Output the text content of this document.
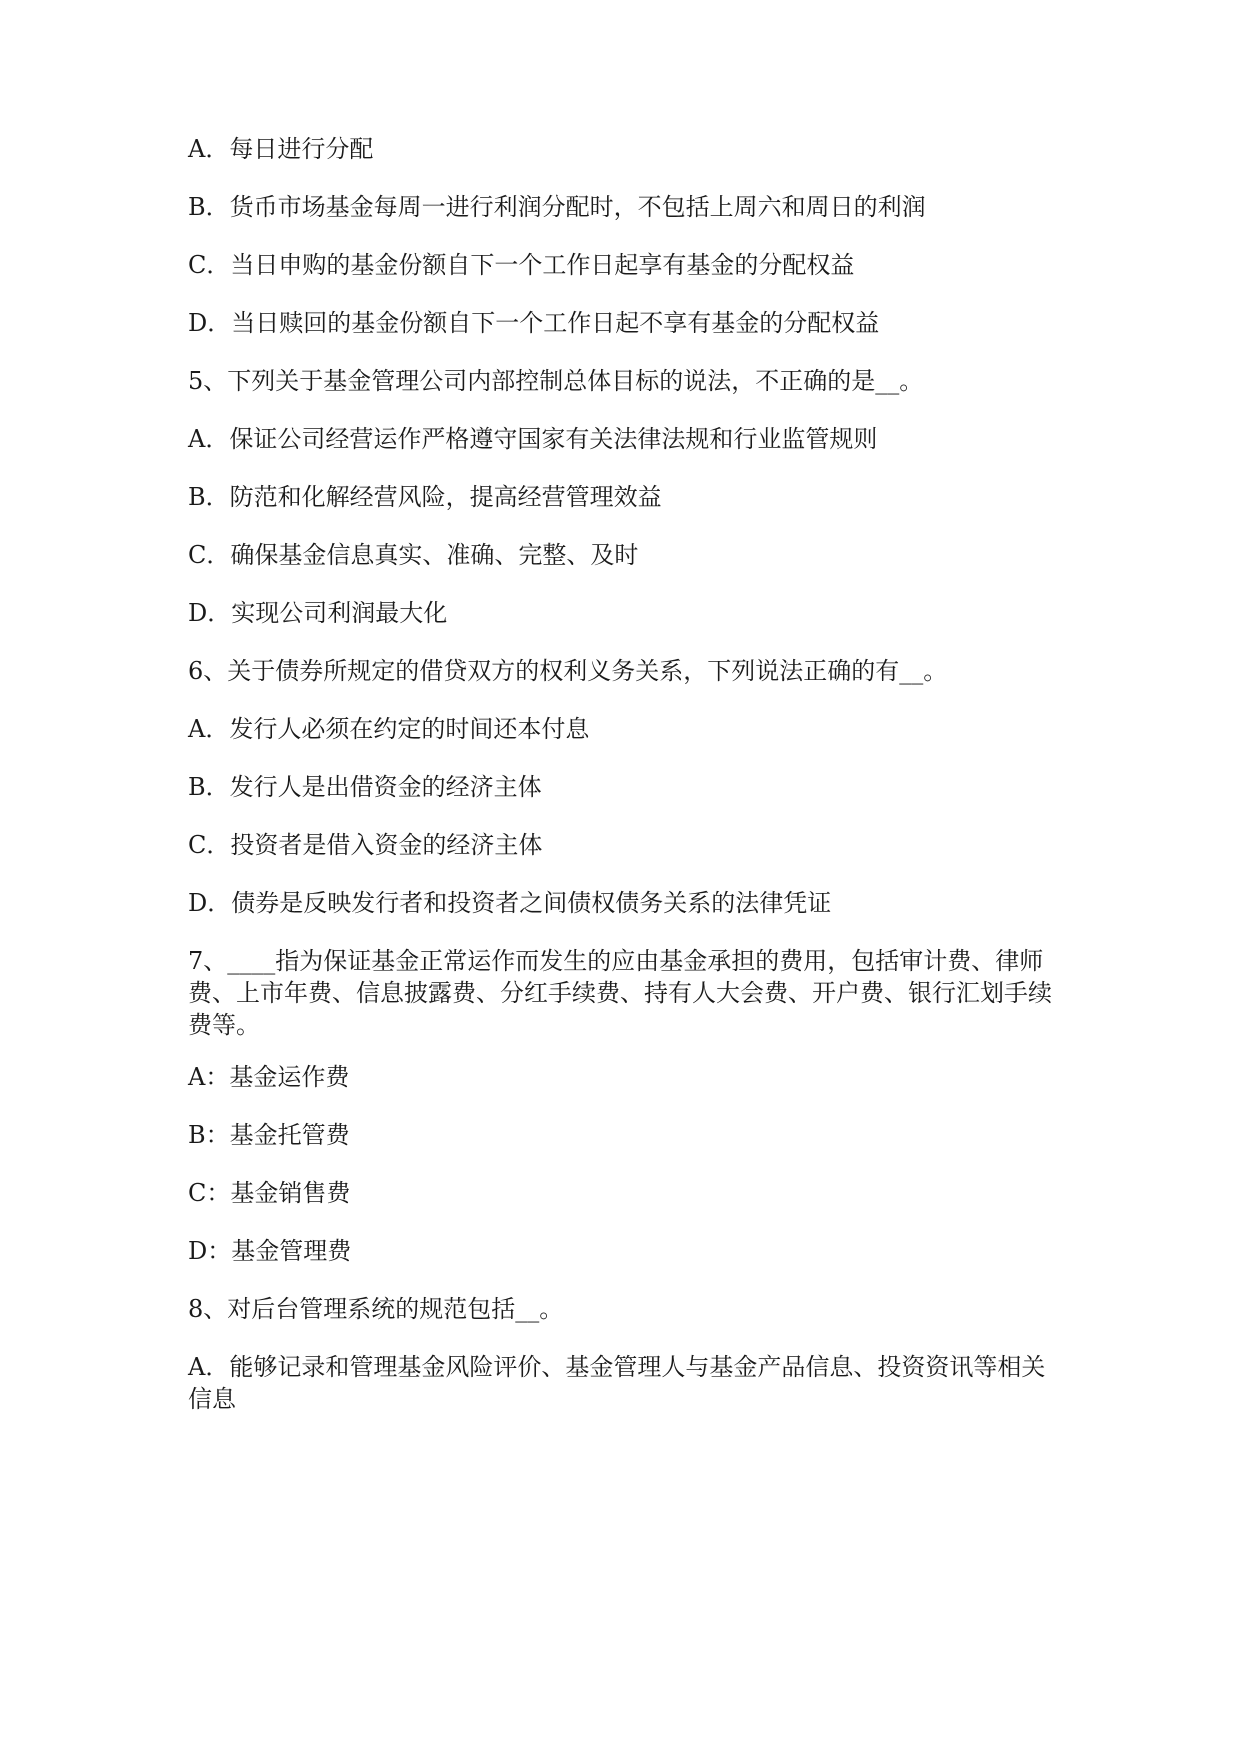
A．每日进行分配
B．货币市场基金每周一进行利润分配时，不包括上周六和周日的利润
C．当日申购的基金份额自下一个工作日起享有基金的分配权益
D．当日赎回的基金份额自下一个工作日起不享有基金的分配权益
5、下列关于基金管理公司内部控制总体目标的说法，不正确的是__。
A．保证公司经营运作严格遵守国家有关法律法规和行业监管规则
B．防范和化解经营风险，提高经营管理效益
C．确保基金信息真实、准确、完整、及时
D．实现公司利润最大化
6、关于债券所规定的借贷双方的权利义务关系，下列说法正确的有__。
A．发行人必须在约定的时间还本付息
B．发行人是出借资金的经济主体
C．投资者是借入资金的经济主体
D．债券是反映发行者和投资者之间债权债务关系的法律凭证
7、____指为保证基金正常运作而发生的应由基金承担的费用，包括审计费、律师费、上市年费、信息披露费、分红手续费、持有人大会费、开户费、银行汇划手续费等。
A：基金运作费
B：基金托管费
C：基金销售费
D：基金管理费
8、对后台管理系统的规范包括__。
A．能够记录和管理基金风险评价、基金管理人与基金产品信息、投资资讯等相关信息
